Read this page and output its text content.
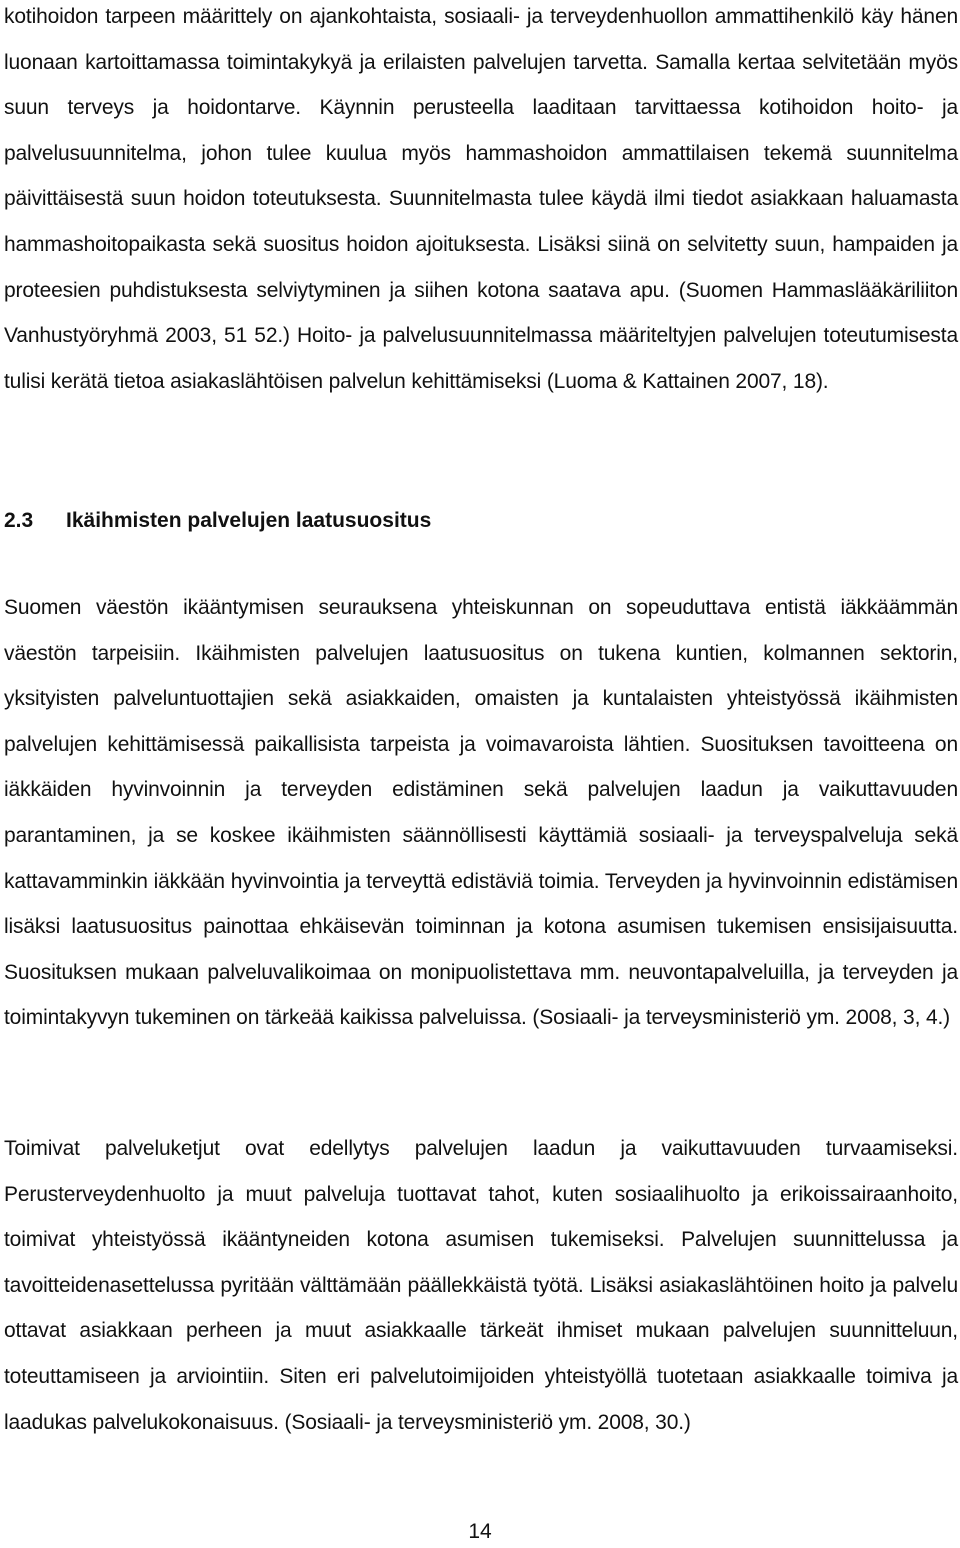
kotihoidon tarpeen määrittely on ajankohtaista, sosiaali- ja terveydenhuollon ammattihenkilö käy hänen luonaan kartoittamassa toimintakykyä ja erilaisten palvelujen tarvetta. Samalla kertaa selvitetään myös suun terveys ja hoidontarve. Käynnin perusteella laaditaan tarvittaessa kotihoidon hoito- ja palvelusuunnitelma, johon tulee kuulua myös hammashoidon ammattilaisen tekemä suunnitelma päivittäisestä suun hoidon toteutuksesta. Suunnitelmasta tulee käydä ilmi tiedot asiakkaan haluamasta hammashoitopaikasta sekä suositus hoidon ajoituksesta. Lisäksi siinä on selvitetty suun, hampaiden ja proteesien puhdistuksesta selviytyminen ja siihen kotona saatava apu. (Suomen Hammaslääkäriliiton Vanhustyöryhmä 2003, 51 52.) Hoito- ja palvelusuunnitelmassa määriteltyjen palvelujen toteutumisesta tulisi kerätä tietoa asiakaslähtöisen palvelun kehittämiseksi (Luoma & Kattainen 2007, 18).

2.3 Ikäihmisten palvelujen laatusuositus

Suomen väestön ikääntymisen seurauksena yhteiskunnan on sopeuduttava entistä iäkkäämmän väestön tarpeisiin. Ikäihmisten palvelujen laatusuositus on tukena kuntien, kolmannen sektorin, yksityisten palveluntuottajien sekä asiakkaiden, omaisten ja kuntalaisten yhteistyössä ikäihmisten palvelujen kehittämisessä paikallisista tarpeista ja voimavaroista lähtien. Suosituksen tavoitteena on iäkkäiden hyvinvoinnin ja terveyden edistäminen sekä palvelujen laadun ja vaikuttavuuden parantaminen, ja se koskee ikäihmisten säännöllisesti käyttämiä sosiaali- ja terveyspalveluja sekä kattavamminkin iäkkään hyvinvointia ja terveyttä edistäviä toimia. Terveyden ja hyvinvoinnin edistämisen lisäksi laatusuositus painottaa ehkäisevän toiminnan ja kotona asumisen tukemisen ensisijaisuutta. Suosituksen mukaan palveluvalikoimaa on monipuolistettava mm. neuvontapalveluilla, ja terveyden ja toimintakyvyn tukeminen on tärkeää kaikissa palveluissa. (Sosiaali- ja terveysministeriö ym. 2008, 3, 4.)

Toimivat palveluketjut ovat edellytys palvelujen laadun ja vaikuttavuuden turvaamiseksi. Perusterveydenhuolto ja muut palveluja tuottavat tahot, kuten sosiaalihuolto ja erikoissairaanhoito, toimivat yhteistyössä ikääntyneiden kotona asumisen tukemiseksi. Palvelujen suunnittelussa ja tavoitteidenasettelussa pyritään välttämään päällekkäistä työtä. Lisäksi asiakaslähtöinen hoito ja palvelu ottavat asiakkaan perheen ja muut asiakkaalle tärkeät ihmiset mukaan palvelujen suunnitteluun, toteuttamiseen ja arviointiin. Siten eri palvelutoimijoiden yhteistyöllä tuotetaan asiakkaalle toimiva ja laadukas palvelukokonaisuus. (Sosiaali- ja terveysministeriö ym. 2008, 30.)

14
